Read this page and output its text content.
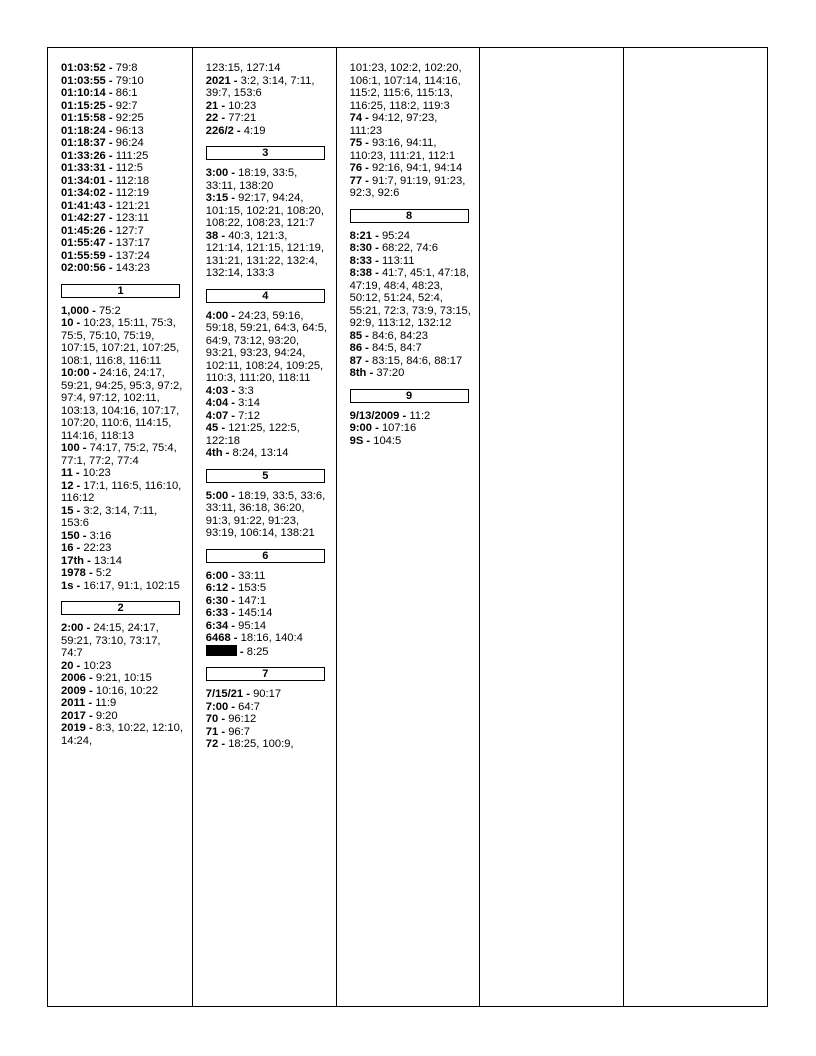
01:03:52 - 79:8
01:03:55 - 79:10
01:10:14 - 86:1
01:15:25 - 92:7
01:15:58 - 92:25
01:18:24 - 96:13
01:18:37 - 96:24
01:33:26 - 111:25
01:33:31 - 112:5
01:34:01 - 112:18
01:34:02 - 112:19
01:41:43 - 121:21
01:42:27 - 123:11
01:45:26 - 127:7
01:55:47 - 137:17
01:55:59 - 137:24
02:00:56 - 143:23
1
1,000 - 75:2
10 - 10:23, 15:11, 75:3, 75:5, 75:10, 75:19, 107:15, 107:21, 107:25, 108:1, 116:8, 116:11
10:00 - 24:16, 24:17, 59:21, 94:25, 95:3, 97:2, 97:4, 97:12, 102:11, 103:13, 104:16, 107:17, 107:20, 110:6, 114:15, 114:16, 118:13
100 - 74:17, 75:2, 75:4, 77:1, 77:2, 77:4
11 - 10:23
12 - 17:1, 116:5, 116:10, 116:12
15 - 3:2, 3:14, 7:11, 153:6
150 - 3:16
16 - 22:23
17th - 13:14
1978 - 5:2
1s - 16:17, 91:1, 102:15
2
2:00 - 24:15, 24:17, 59:21, 73:10, 73:17, 74:7
20 - 10:23
2006 - 9:21, 10:15
2009 - 10:16, 10:22
2011 - 11:9
2017 - 9:20
2019 - 8:3, 10:22, 12:10, 14:24,
123:15, 127:14
2021 - 3:2, 3:14, 7:11, 39:7, 153:6
21 - 10:23
22 - 77:21
226/2 - 4:19
3
3:00 - 18:19, 33:5, 33:11, 138:20
3:15 - 92:17, 94:24, 101:15, 102:21, 108:20, 108:22, 108:23, 121:7
38 - 40:3, 121:3, 121:14, 121:15, 121:19, 131:21, 131:22, 132:4, 132:14, 133:3
4
4:00 - 24:23, 59:16, 59:18, 59:21, 64:3, 64:5, 64:9, 73:12, 93:20, 93:21, 93:23, 94:24, 102:11, 108:24, 109:25, 110:3, 111:20, 118:11
4:03 - 3:3
4:04 - 3:14
4:07 - 7:12
45 - 121:25, 122:5, 122:18
4th - 8:24, 13:14
5
5:00 - 18:19, 33:5, 33:6, 33:11, 36:18, 36:20, 91:3, 91:22, 91:23, 93:19, 106:14, 138:21
6
6:00 - 33:11
6:12 - 153:5
6:30 - 147:1
6:33 - 145:14
6:34 - 95:14
6468 - 18:16, 140:4
- 8:25
7
7/15/21 - 90:17
7:00 - 64:7
70 - 96:12
71 - 96:7
72 - 18:25, 100:9,
101:23, 102:2, 102:20, 106:1, 107:14, 114:16, 115:2, 115:6, 115:13, 116:25, 118:2, 119:3
74 - 94:12, 97:23, 111:23
75 - 93:16, 94:11, 110:23, 111:21, 112:1
76 - 92:16, 94:1, 94:14
77 - 91:7, 91:19, 91:23, 92:3, 92:6
8
8:21 - 95:24
8:30 - 68:22, 74:6
8:33 - 113:11
8:38 - 41:7, 45:1, 47:18, 47:19, 48:4, 48:23, 50:12, 51:24, 52:4, 55:21, 72:3, 73:9, 73:15, 92:9, 113:12, 132:12
85 - 84:6, 84:23
86 - 84:5, 84:7
87 - 83:15, 84:6, 88:17
8th - 37:20
9
9/13/2009 - 11:2
9:00 - 107:16
9S - 104:5
